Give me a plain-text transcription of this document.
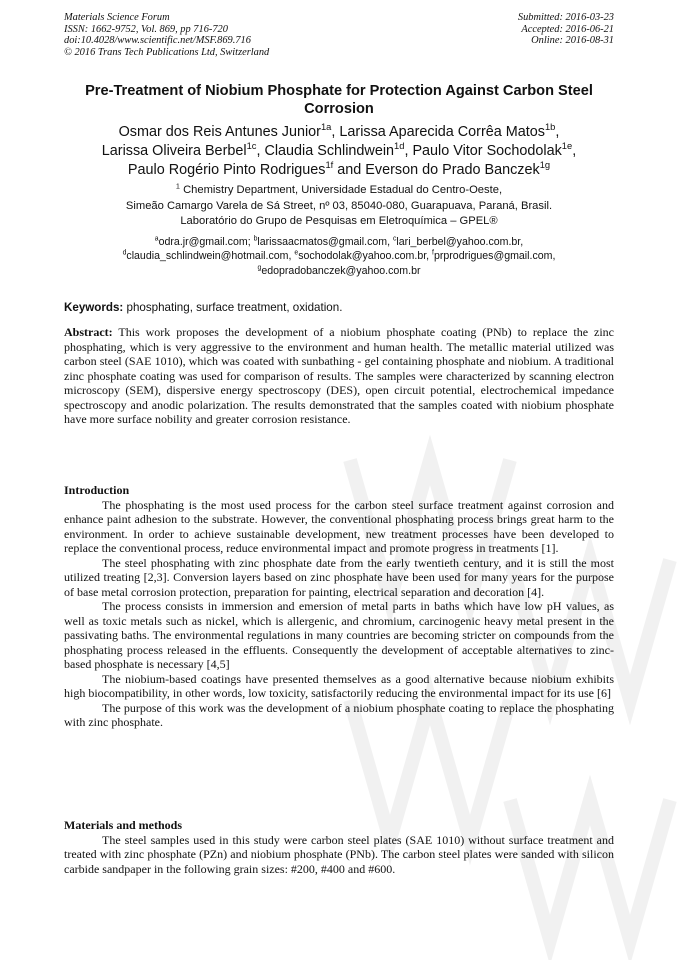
Materials Science Forum
ISSN: 1662-9752, Vol. 869, pp 716-720
doi:10.4028/www.scientific.net/MSF.869.716
© 2016 Trans Tech Publications Ltd, Switzerland
Submitted: 2016-03-23
Accepted: 2016-06-21
Online: 2016-08-31
Pre-Treatment of Niobium Phosphate for Protection Against Carbon Steel Corrosion
Osmar dos Reis Antunes Junior$^{1a}$, Larissa Aparecida Corrêa Matos$^{1b}$,
Larissa Oliveira Berbel$^{1c}$, Claudia Schlindwein$^{1d}$, Paulo Vitor Sochodolak$^{1e}$,
Paulo Rogério Pinto Rodrigues$^{1f}$ and Everson do Prado Banczek$^{1g}$
$^1$ Chemistry Department, Universidade Estadual do Centro-Oeste,
Simeão Camargo Varela de Sá Street, nº 03, 85040-080, Guarapuava, Paraná, Brasil.
Laboratório do Grupo de Pesquisas em Eletroquímica – GPEL®
$^a$odra.jr@gmail.com; $^b$larissaacmatos@gmail.com, $^c$lari_berbel@yahoo.com.br,
$^d$claudia_schlindwein@hotmail.com, $^e$sochodolak@yahoo.com.br, $^f$prprodrigues@gmail.com,
$^g$edopradobanczek@yahoo.com.br
Keywords: phosphating, surface treatment, oxidation.

Abstract: This work proposes the development of a niobium phosphate coating (PNb) to replace the zinc phosphating, which is very aggressive to the environment and human health. The metallic material utilized was carbon steel (SAE 1010), which was coated with sunbathing - gel containing phosphate and niobium. A traditional zinc phosphate coating was used for comparison of results. The samples were characterized by scanning electron microscopy (SEM), dispersive energy spectroscopy (DES), open circuit potential, electrochemical impedance spectroscopy and anodic polarization. The results demonstrated that the samples coated with niobium phosphate have more surface nobility and greater corrosion resistance.

Introduction

The phosphating is the most used process for the carbon steel surface treatment against corrosion and enhance paint adhesion to the substrate. However, the conventional phosphating process brings great harm to the environment. In order to achieve sustainable development, new treatment processes have been developed to replace the conventional process, reduce environmental impact and promote progress in treatments [1].

The steel phosphating with zinc phosphate date from the early twentieth century, and it is still the most utilized treating [2,3]. Conversion layers based on zinc phosphate have been used for many years for the purpose of base metal corrosion protection, preparation for painting, electrical separation and decoration [4].

The process consists in immersion and emersion of metal parts in baths which have low pH values, as well as toxic metals such as nickel, which is allergenic, and chromium, carcinogenic heavy metal present in the passivating baths. The environmental regulations in many countries are becoming stricter on compounds from the phosphating process released in the effluents. Consequently the development of acceptable alternatives to zinc-based phosphate is necessary [4,5]

The niobium-based coatings have presented themselves as a good alternative because niobium exhibits high biocompatibility, in other words, low toxicity, satisfactorily reducing the environmental impact for its use [6]

The purpose of this work was the development of a niobium phosphate coating to replace the phosphating with zinc phosphate.

Materials and methods

The steel samples used in this study were carbon steel plates (SAE 1010) without surface treatment and treated with zinc phosphate (PZn) and niobium phosphate (PNb). The carbon steel plates were sanded with silicon carbide sandpaper in the following grain sizes: #200, #400 and #600.
